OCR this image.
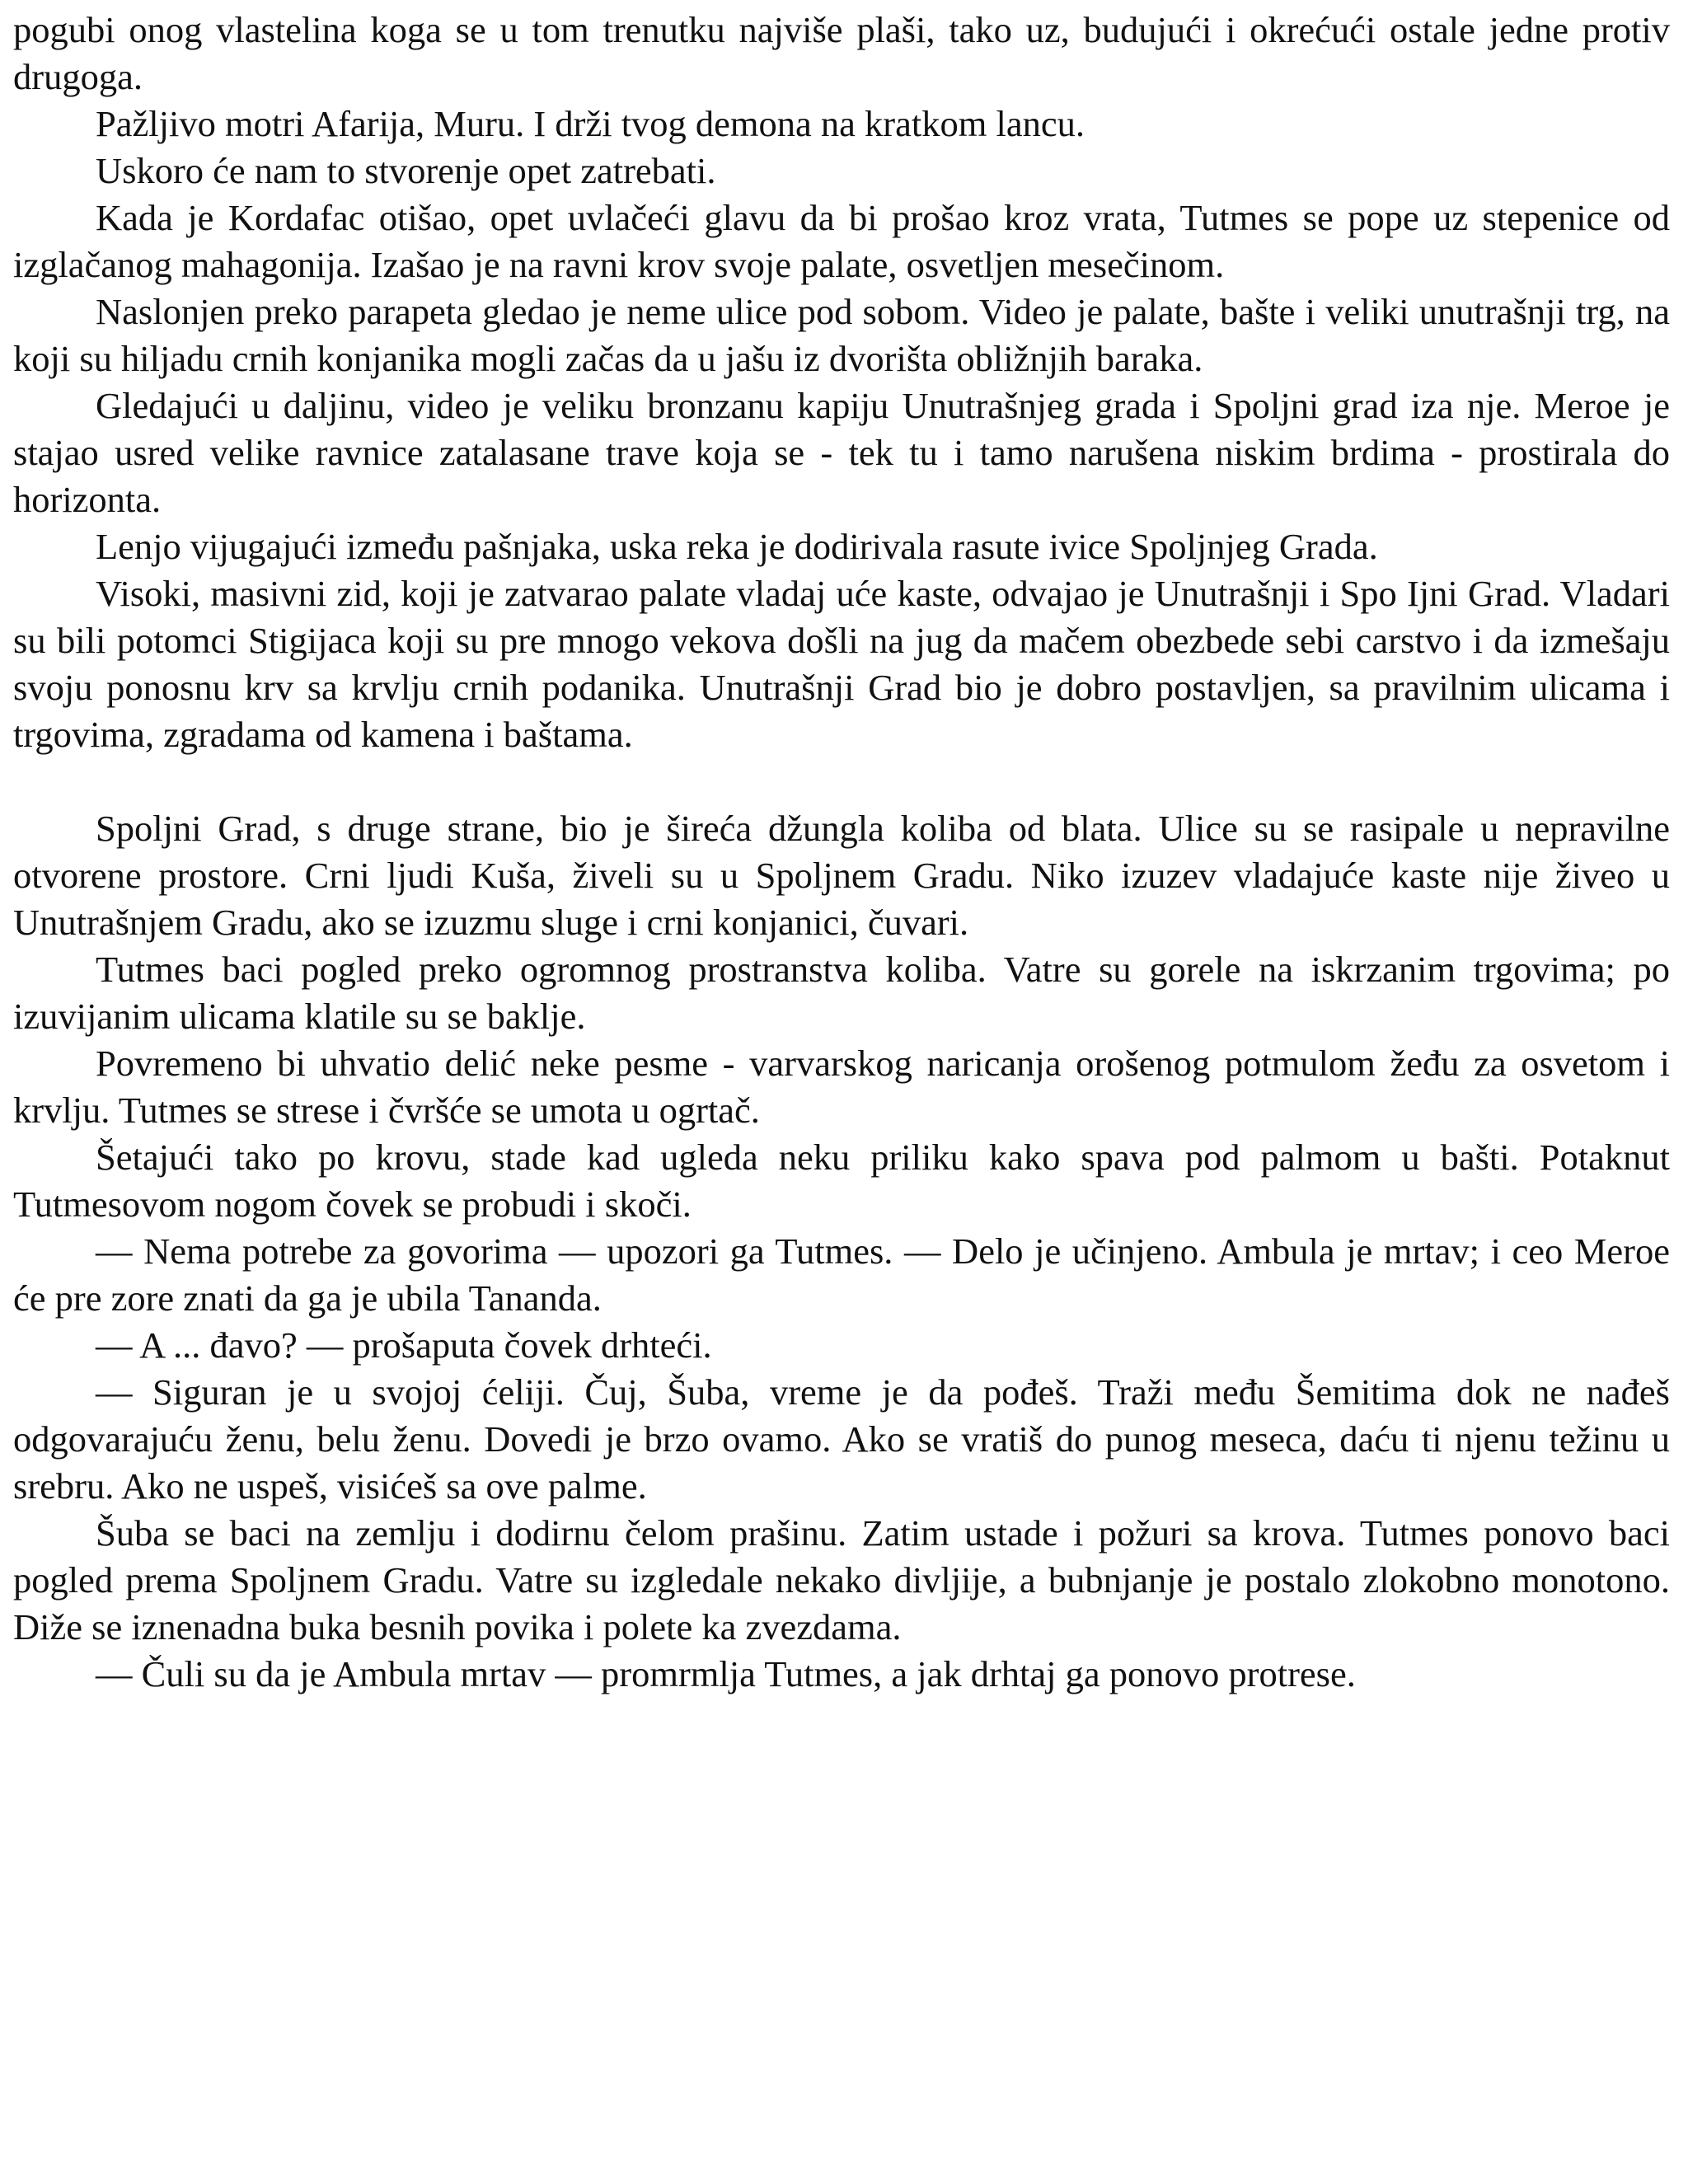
pogubi onog vlastelina koga se u tom trenutku najviše plaši, tako uz, budujući i okrećući ostale jedne protiv drugoga.

Pažljivo motri Afarija, Muru. I drži tvog demona na kratkom lancu.

Uskoro će nam to stvorenje opet zatrebati.

Kada je Kordafac otišao, opet uvlačeći glavu da bi prošao kroz vrata, Tutmes se pope uz stepenice od izglačanog mahagonija. Izašao je na ravni krov svoje palate, osvetljen mesečinom.

Naslonjen preko parapeta gledao je neme ulice pod sobom. Video je palate, bašte i veliki unutrašnji trg, na koji su hiljadu crnih konjanika mogli začas da u jašu iz dvorišta obližnjih baraka.

Gledajući u daljinu, video je veliku bronzanu kapiju Unutrašnjeg grada i Spoljni grad iza nje. Meroe je stajao usred velike ravnice zatalasane trave koja se - tek tu i tamo narušena niskim brdima - prostirala do horizonta.

Lenjo vijugajući između pašnjaka, uska reka je dodirivala rasute ivice Spoljnjeg Grada.

Visoki, masivni zid, koji je zatvarao palate vladaj uće kaste, odvajao je Unutrašnji i Spo Ijni Grad. Vladari su bili potomci Stigijaca koji su pre mnogo vekova došli na jug da mačem obezbede sebi carstvo i da izmešaju svoju ponosnu krv sa krvlju crnih podanika. Unutrašnji Grad bio je dobro postavljen, sa pravilnim ulicama i trgovima, zgradama od kamena i baštama.

Spoljni Grad, s druge strane, bio je šireća džungla koliba od blata. Ulice su se rasipale u nepravilne otvorene prostore. Crni ljudi Kuša, živeli su u Spoljnem Gradu. Niko izuzev vladajuće kaste nije živeo u Unutrašnjem Gradu, ako se izuzmu sluge i crni konjanici, čuvari.

Tutmes baci pogled preko ogromnog prostranstva koliba. Vatre su gorele na iskrzanim trgovima; po izuvijanim ulicama klatile su se baklje.

Povremeno bi uhvatio delić neke pesme - varvarskog naricanja orošenog potmulom žeđu za osvetom i krvlju. Tutmes se strese i čvršće se umota u ogrtač.

Šetajući tako po krovu, stade kad ugleda neku priliku kako spava pod palmom u bašti. Potaknut Tutmesovom nogom čovek se probudi i skoči.

— Nema potrebe za govorima — upozori ga Tutmes. — Delo je učinjeno. Ambula je mrtav; i ceo Meroe će pre zore znati da ga je ubila Tananda.

— A ... đavo? — prošaputa čovek drhteći.

— Siguran je u svojoj ćeliji. Čuj, Šuba, vreme je da pođeš. Traži među Šemitima dok ne nađeš odgovarajuću ženu, belu ženu. Dovedi je brzo ovamo. Ako se vratiš do punog meseca, daću ti njenu težinu u srebru. Ako ne uspeš, visićeš sa ove palme.

Šuba se baci na zemlju i dodirnu čelom prašinu. Zatim ustade i požuri sa krova. Tutmes ponovo baci pogled prema Spoljnem Gradu. Vatre su izgledale nekako divljije, a bubnjanje je postalo zlokobno monotono. Diže se iznenadna buka besnih povika i polete ka zvezdama.

— Čuli su da je Ambula mrtav — promrmlja Tutmes, a jak drhtaj ga ponovo protrese.
